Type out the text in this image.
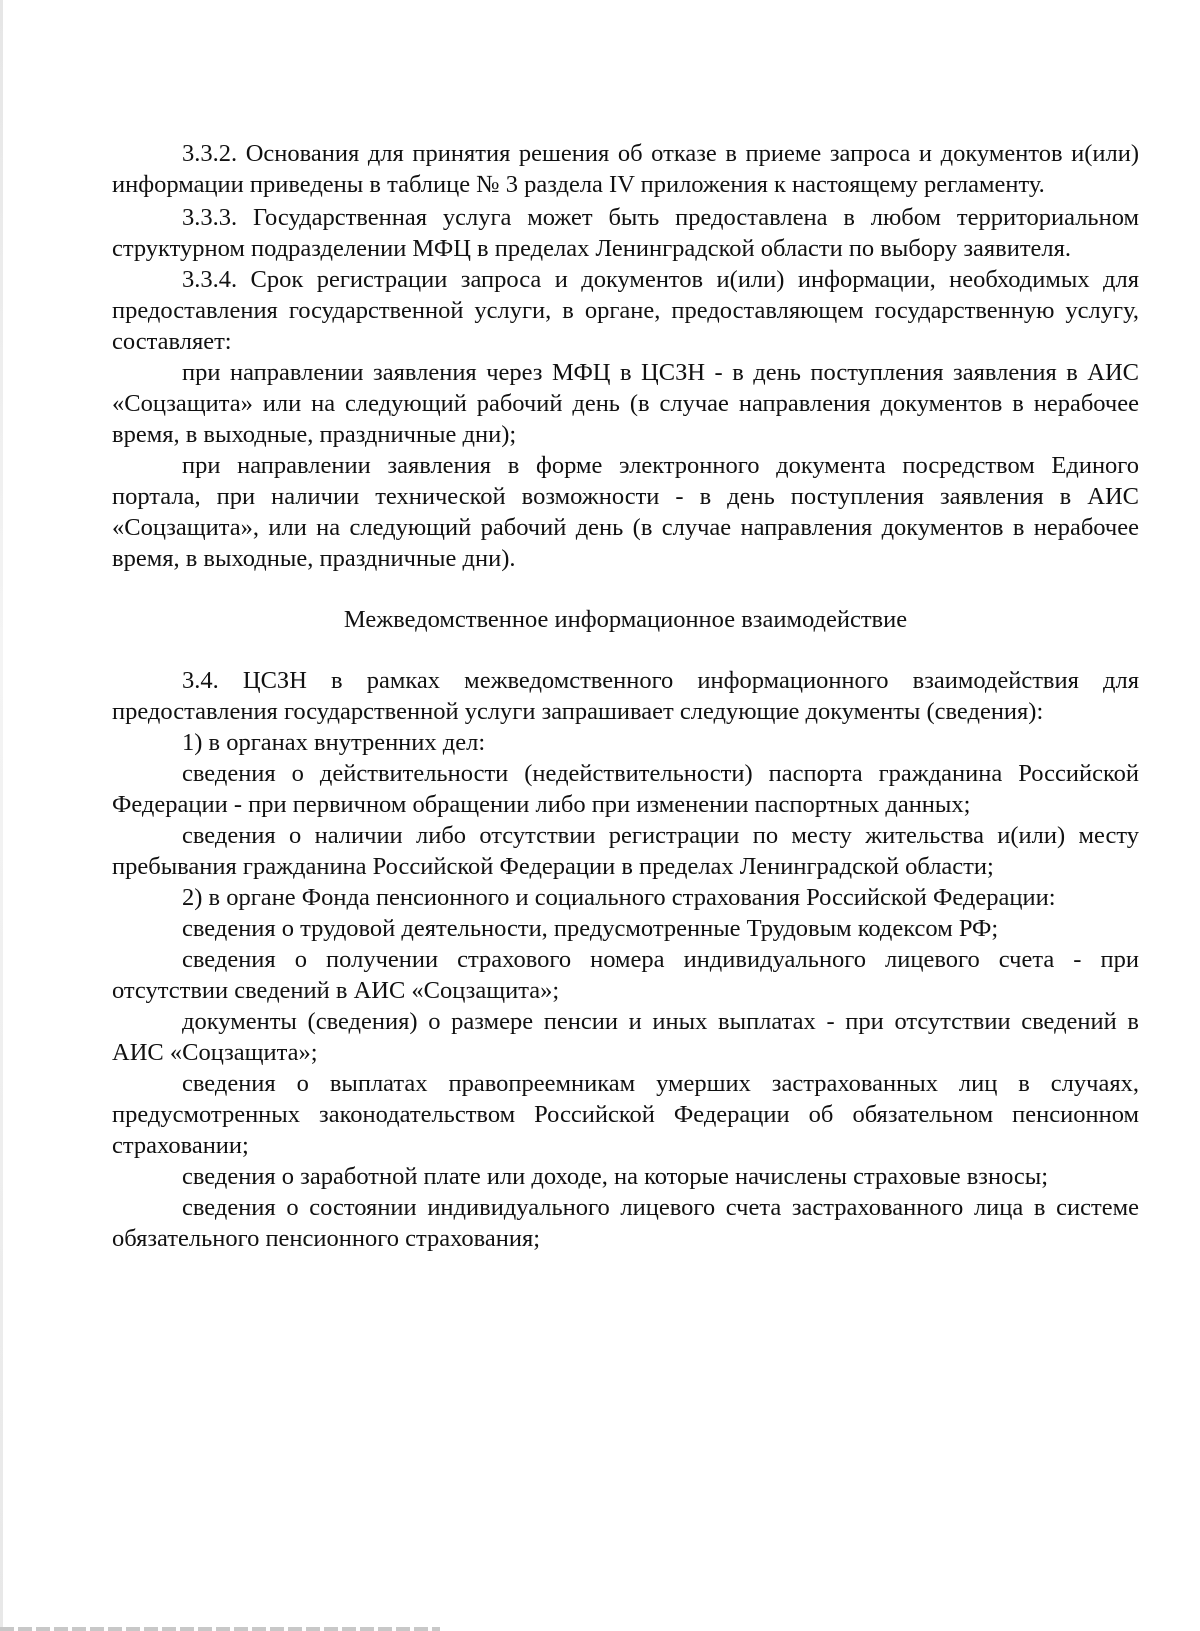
3.3.2. Основания для принятия решения об отказе в приеме запроса и документов и(или) информации приведены в таблице № 3 раздела IV приложения к настоящему регламенту.

3.3.3. Государственная услуга может быть предоставлена в любом территориальном структурном подразделении МФЦ в пределах Ленинградской области по выбору заявителя.

3.3.4. Срок регистрации запроса и документов и(или) информации, необходимых для предоставления государственной услуги, в органе, предоставляющем государственную услугу, составляет:

при направлении заявления через МФЦ в ЦСЗН - в день поступления заявления в АИС «Соцзащита» или на следующий рабочий день (в случае направления документов в нерабочее время, в выходные, праздничные дни);

при направлении заявления в форме электронного документа посредством Единого портала, при наличии технической возможности - в день поступления заявления в АИС «Соцзащита», или на следующий рабочий день (в случае направления документов в нерабочее время, в выходные, праздничные дни).

Межведомственное информационное взаимодействие

3.4. ЦСЗН в рамках межведомственного информационного взаимодействия для предоставления государственной услуги запрашивает следующие документы (сведения):

1) в органах внутренних дел:

сведения о действительности (недействительности) паспорта гражданина Российской Федерации - при первичном обращении либо при изменении паспортных данных;

сведения о наличии либо отсутствии регистрации по месту жительства и(или) месту пребывания гражданина Российской Федерации в пределах Ленинградской области;

2) в органе Фонда пенсионного и социального страхования Российской Федерации:

сведения о трудовой деятельности, предусмотренные Трудовым кодексом РФ;

сведения о получении страхового номера индивидуального лицевого счета - при отсутствии сведений в АИС «Соцзащита»;

документы (сведения) о размере пенсии и иных выплатах - при отсутствии сведений в АИС «Соцзащита»;

сведения о выплатах правопреемникам умерших застрахованных лиц в случаях, предусмотренных законодательством Российской Федерации об обязательном пенсионном страховании;

сведения о заработной плате или доходе, на которые начислены страховые взносы;

сведения о состоянии индивидуального лицевого счета застрахованного лица в системе обязательного пенсионного страхования;
